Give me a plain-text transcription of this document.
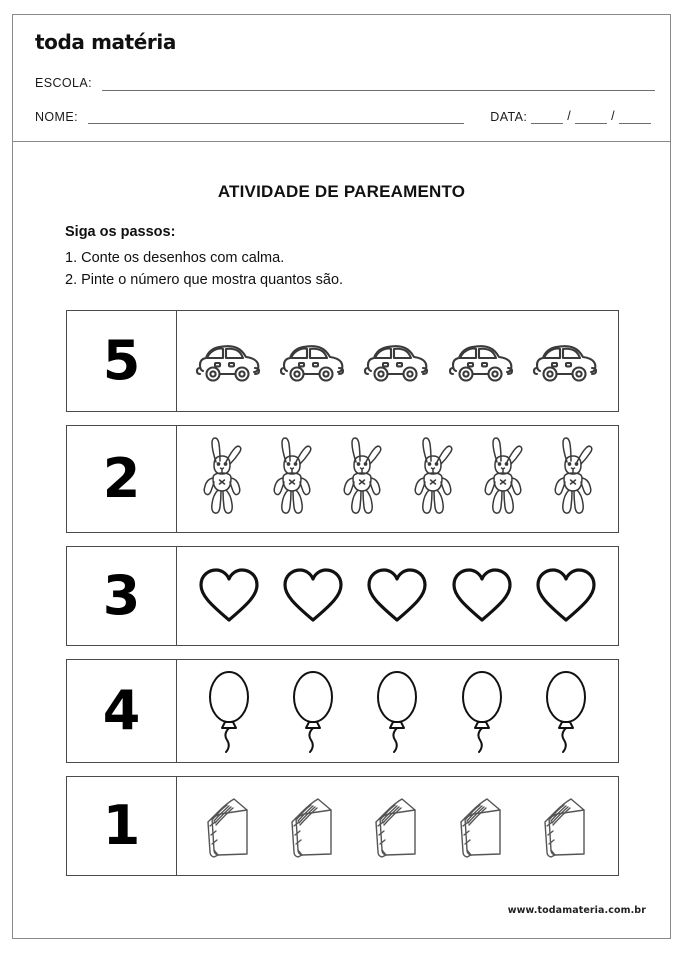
toda matéria
ESCOLA:
NOME:	DATA:	/	/
ATIVIDADE DE PAREAMENTO
Siga os passos:
1. Conte os desenhos com calma.
2. Pinte o número que mostra quantos são.
5
2
3
4
1
www.todamateria.com.br
